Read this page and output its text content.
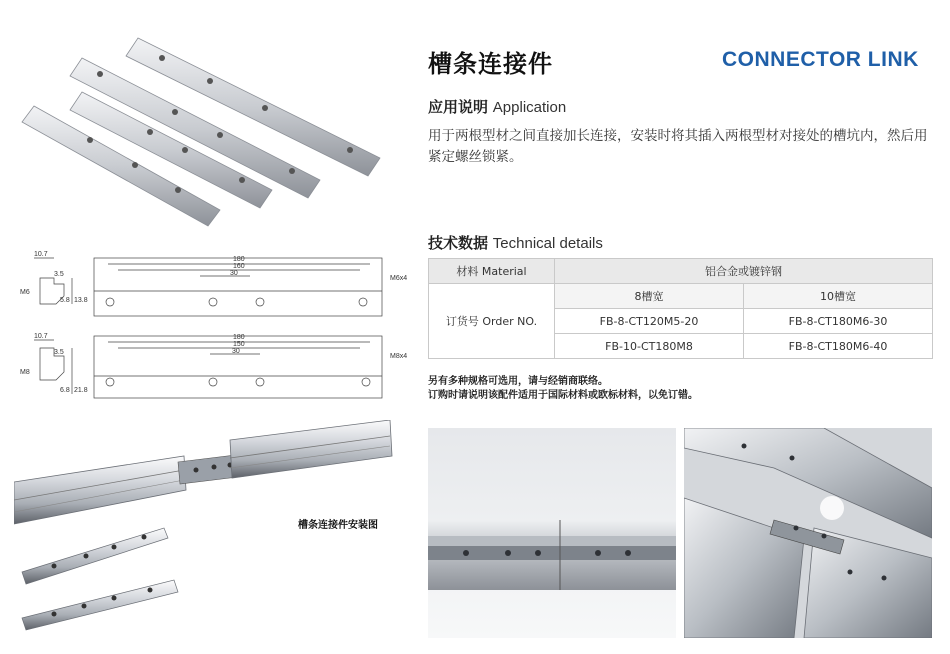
槽条连接件	CONNECTOR LINK
应用说明 Application
用于两根型材之间直接加长连接，安装时将其插入两根型材对接处的槽坑内，然后用紧定螺丝锁紧。
技术数据 Technical details
材料 Material	铝合金或镀锌钢	
订货号 Order NO.	8槽宽	10槽宽
	FB-8-CT120M5-20	FB-8-CT180M6-30
	FB-10-CT180M8	FB-8-CT180M6-40
另有多种规格可选用，请与经销商联络。
订购时请说明该配件适用于国际材料或欧标材料，以免订错。
10.7
3.5
M6
5.8 13.8
180
160
30
M6x4
10.7
3.5
M8
6.8 21.8
180
150
30
M8x4
槽条连接件安装图
